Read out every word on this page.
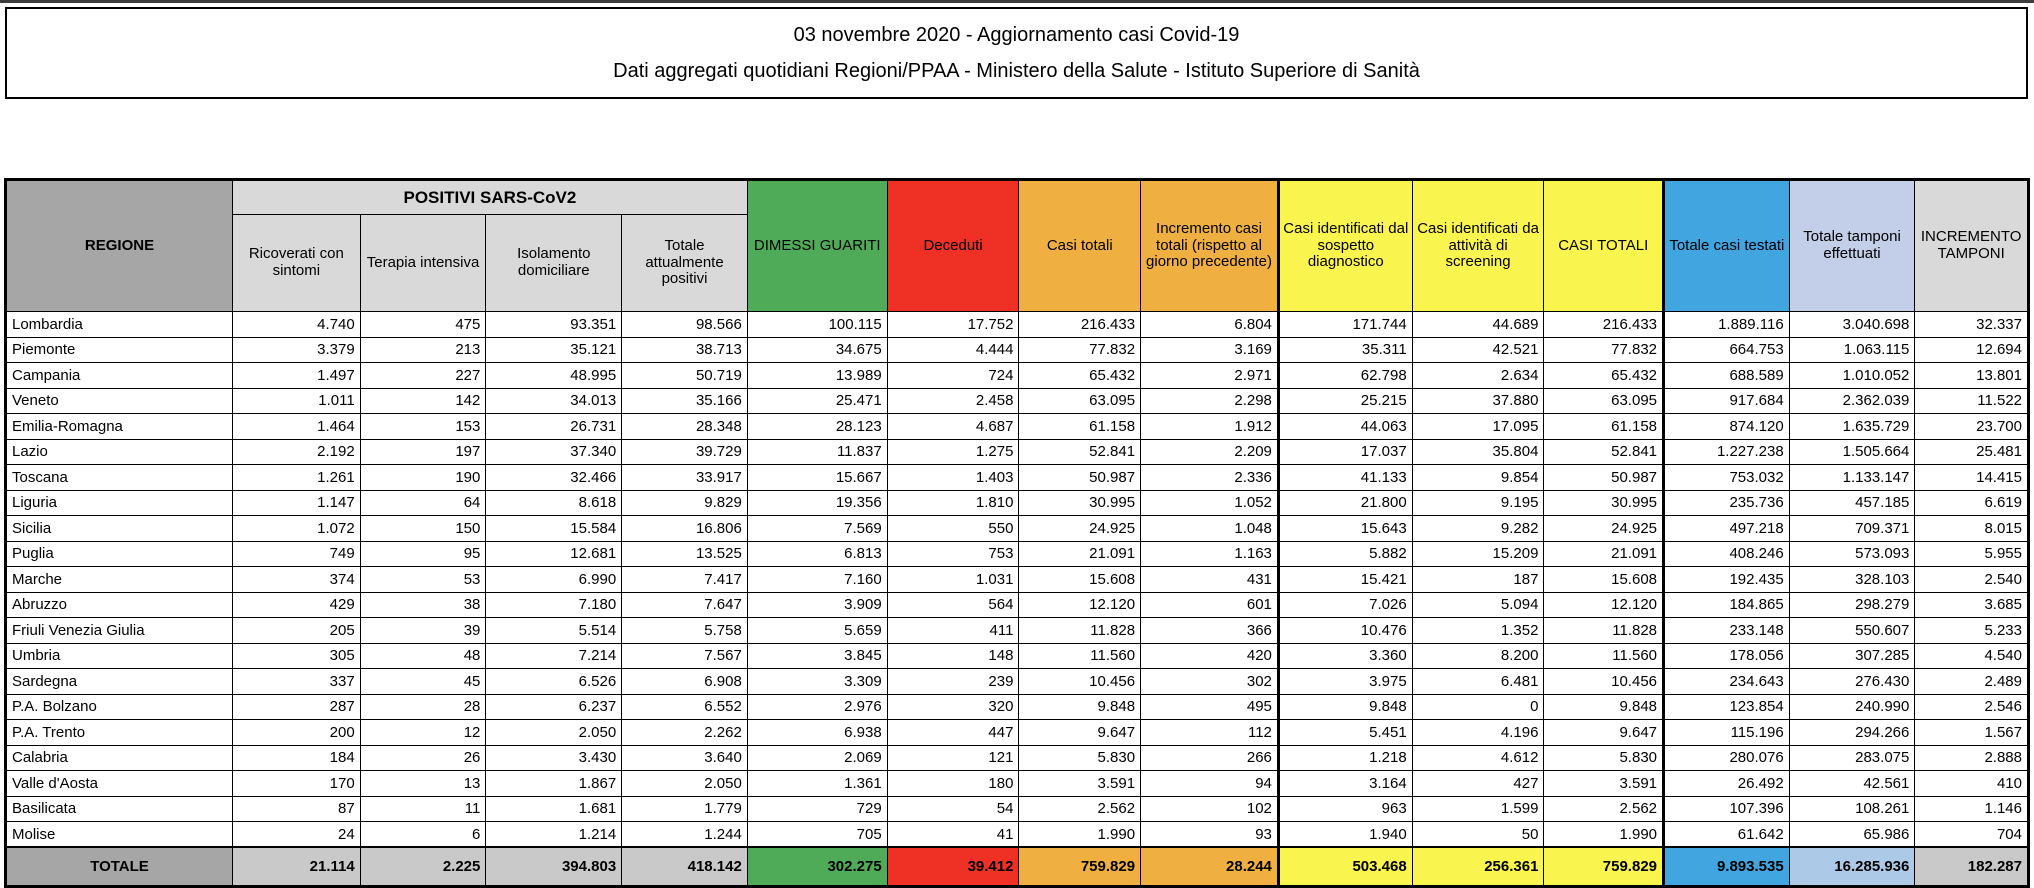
03 novembre 2020 - Aggiornamento casi Covid-19

Dati aggregati quotidiani Regioni/PPAA - Ministero della Salute - Istituto Superiore di Sanità

REGIONE	POSITIVI SARS-CoV2				DIMESSI GUARITI	Deceduti	Casi totali	Incremento casi totali (rispetto al giorno precedente)	Casi identificati dal sospetto diagnostico	Casi identificati da attività di screening	CASI TOTALI	Totale casi testati	Totale tamponi effettuati	INCREMENTO TAMPONI
	Ricoverati con sintomi	Terapia intensiva	Isolamento domiciliare	Totale attualmente positivi										
Lombardia	4.740	475	93.351	98.566	100.115	17.752	216.433	6.804	171.744	44.689	216.433	1.889.116	3.040.698	32.337
Piemonte	3.379	213	35.121	38.713	34.675	4.444	77.832	3.169	35.311	42.521	77.832	664.753	1.063.115	12.694
Campania	1.497	227	48.995	50.719	13.989	724	65.432	2.971	62.798	2.634	65.432	688.589	1.010.052	13.801
Veneto	1.011	142	34.013	35.166	25.471	2.458	63.095	2.298	25.215	37.880	63.095	917.684	2.362.039	11.522
Emilia-Romagna	1.464	153	26.731	28.348	28.123	4.687	61.158	1.912	44.063	17.095	61.158	874.120	1.635.729	23.700
Lazio	2.192	197	37.340	39.729	11.837	1.275	52.841	2.209	17.037	35.804	52.841	1.227.238	1.505.664	25.481
Toscana	1.261	190	32.466	33.917	15.667	1.403	50.987	2.336	41.133	9.854	50.987	753.032	1.133.147	14.415
Liguria	1.147	64	8.618	9.829	19.356	1.810	30.995	1.052	21.800	9.195	30.995	235.736	457.185	6.619
Sicilia	1.072	150	15.584	16.806	7.569	550	24.925	1.048	15.643	9.282	24.925	497.218	709.371	8.015
Puglia	749	95	12.681	13.525	6.813	753	21.091	1.163	5.882	15.209	21.091	408.246	573.093	5.955
Marche	374	53	6.990	7.417	7.160	1.031	15.608	431	15.421	187	15.608	192.435	328.103	2.540
Abruzzo	429	38	7.180	7.647	3.909	564	12.120	601	7.026	5.094	12.120	184.865	298.279	3.685
Friuli Venezia Giulia	205	39	5.514	5.758	5.659	411	11.828	366	10.476	1.352	11.828	233.148	550.607	5.233
Umbria	305	48	7.214	7.567	3.845	148	11.560	420	3.360	8.200	11.560	178.056	307.285	4.540
Sardegna	337	45	6.526	6.908	3.309	239	10.456	302	3.975	6.481	10.456	234.643	276.430	2.489
P.A. Bolzano	287	28	6.237	6.552	2.976	320	9.848	495	9.848	0	9.848	123.854	240.990	2.546
P.A. Trento	200	12	2.050	2.262	6.938	447	9.647	112	5.451	4.196	9.647	115.196	294.266	1.567
Calabria	184	26	3.430	3.640	2.069	121	5.830	266	1.218	4.612	5.830	280.076	283.075	2.888
Valle d'Aosta	170	13	1.867	2.050	1.361	180	3.591	94	3.164	427	3.591	26.492	42.561	410
Basilicata	87	11	1.681	1.779	729	54	2.562	102	963	1.599	2.562	107.396	108.261	1.146
Molise	24	6	1.214	1.244	705	41	1.990	93	1.940	50	1.990	61.642	65.986	704
TOTALE	21.114	2.225	394.803	418.142	302.275	39.412	759.829	28.244	503.468	256.361	759.829	9.893.535	16.285.936	182.287
